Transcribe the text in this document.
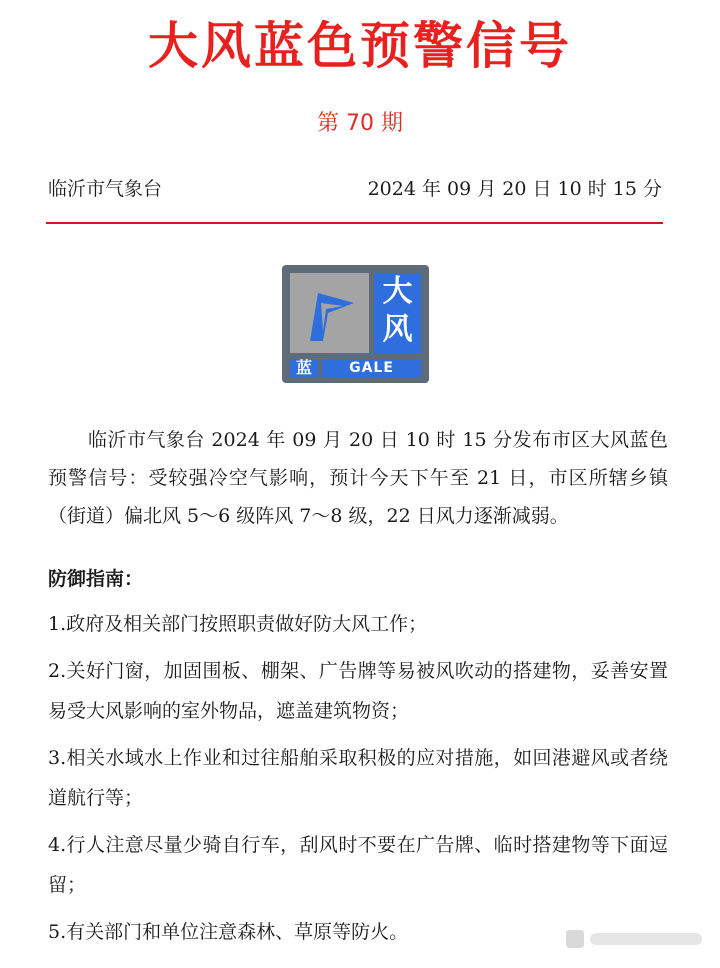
大风蓝色预警信号
第 70 期
临沂市气象台	2024 年 09 月 20 日 10 时 15 分
大
风
蓝	GALE

临沂市气象台 2024 年 09 月 20 日 10 时 15 分发布市区大风蓝色预警信号：受较强冷空气影响，预计今天下午至 21 日，市区所辖乡镇（街道）偏北风 5～6 级阵风 7～8 级，22 日风力逐渐减弱。

防御指南：
1.政府及相关部门按照职责做好防大风工作；
2.关好门窗，加固围板、棚架、广告牌等易被风吹动的搭建物，妥善安置易受大风影响的室外物品，遮盖建筑物资；
3.相关水域水上作业和过往船舶采取积极的应对措施，如回港避风或者绕道航行等；
4.行人注意尽量少骑自行车，刮风时不要在广告牌、临时搭建物等下面逗留；
5.有关部门和单位注意森林、草原等防火。
